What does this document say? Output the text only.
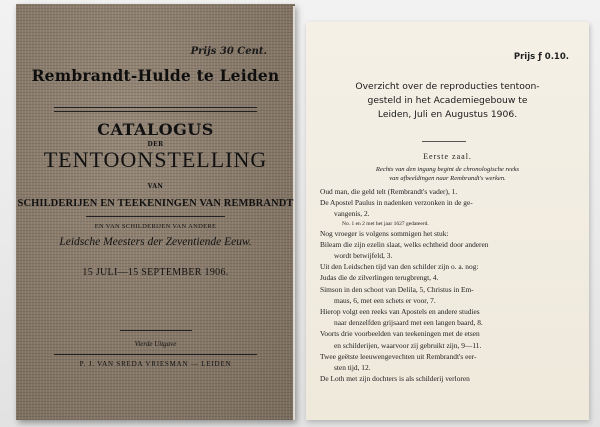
Prijs 30 Cent.
Rembrandt-Hulde te Leiden
CATALOGUS
DER
TENTOONSTELLING
VAN
SCHILDERIJEN EN TEEKENINGEN VAN REMBRANDT
EN VAN SCHILDERIJEN VAN ANDERE
Leidsche Meesters der Zeventiende Eeuw.
15 JULI—15 SEPTEMBER 1906.
Vierde Uitgave
P. J. VAN SREDA VRIESMAN — LEIDEN
Prijs ƒ 0.10.
Overzicht over de reproducties tentoon-
gesteld in het Academiegebouw te
Leiden, Juli en Augustus 1906.
Eerste zaal.
Rechts van den ingang begint de chronologische reeks
van afbeeldingen naar Rembrandt's werken.
Oud man, die geld telt (Rembrandt's vader), 1.
De Apostel Paulus in nadenken verzonken in de ge-
vangenis, 2.
No. 1 en 2 met het jaar 1627 gedateerd.
Nog vroeger is volgens sommigen het stuk:
Bileam die zijn ezelin slaat, welks echtheid door anderen
wordt betwijfeld, 3.
Uit den Leidschen tijd van den schilder zijn o. a. nog:
Judas die de zilverlingen terugbrengt, 4.
Simson in den schoot van Delila, 5, Christus in Em-
maus, 6, met een schets er voor, 7.
Hierop volgt een reeks van Apostels en andere studies
naar denzelfden grijsaard met een langen baard, 8.
Voorts drie voorbeelden van teekeningen met de etsen
en schilderijen, waarvoor zij gebruikt zijn, 9—11.
Twee geëtste leeuwengevechten uit Rembrandt's eer-
sten tijd, 12.
De Loth met zijn dochters is als schilderij verloren
